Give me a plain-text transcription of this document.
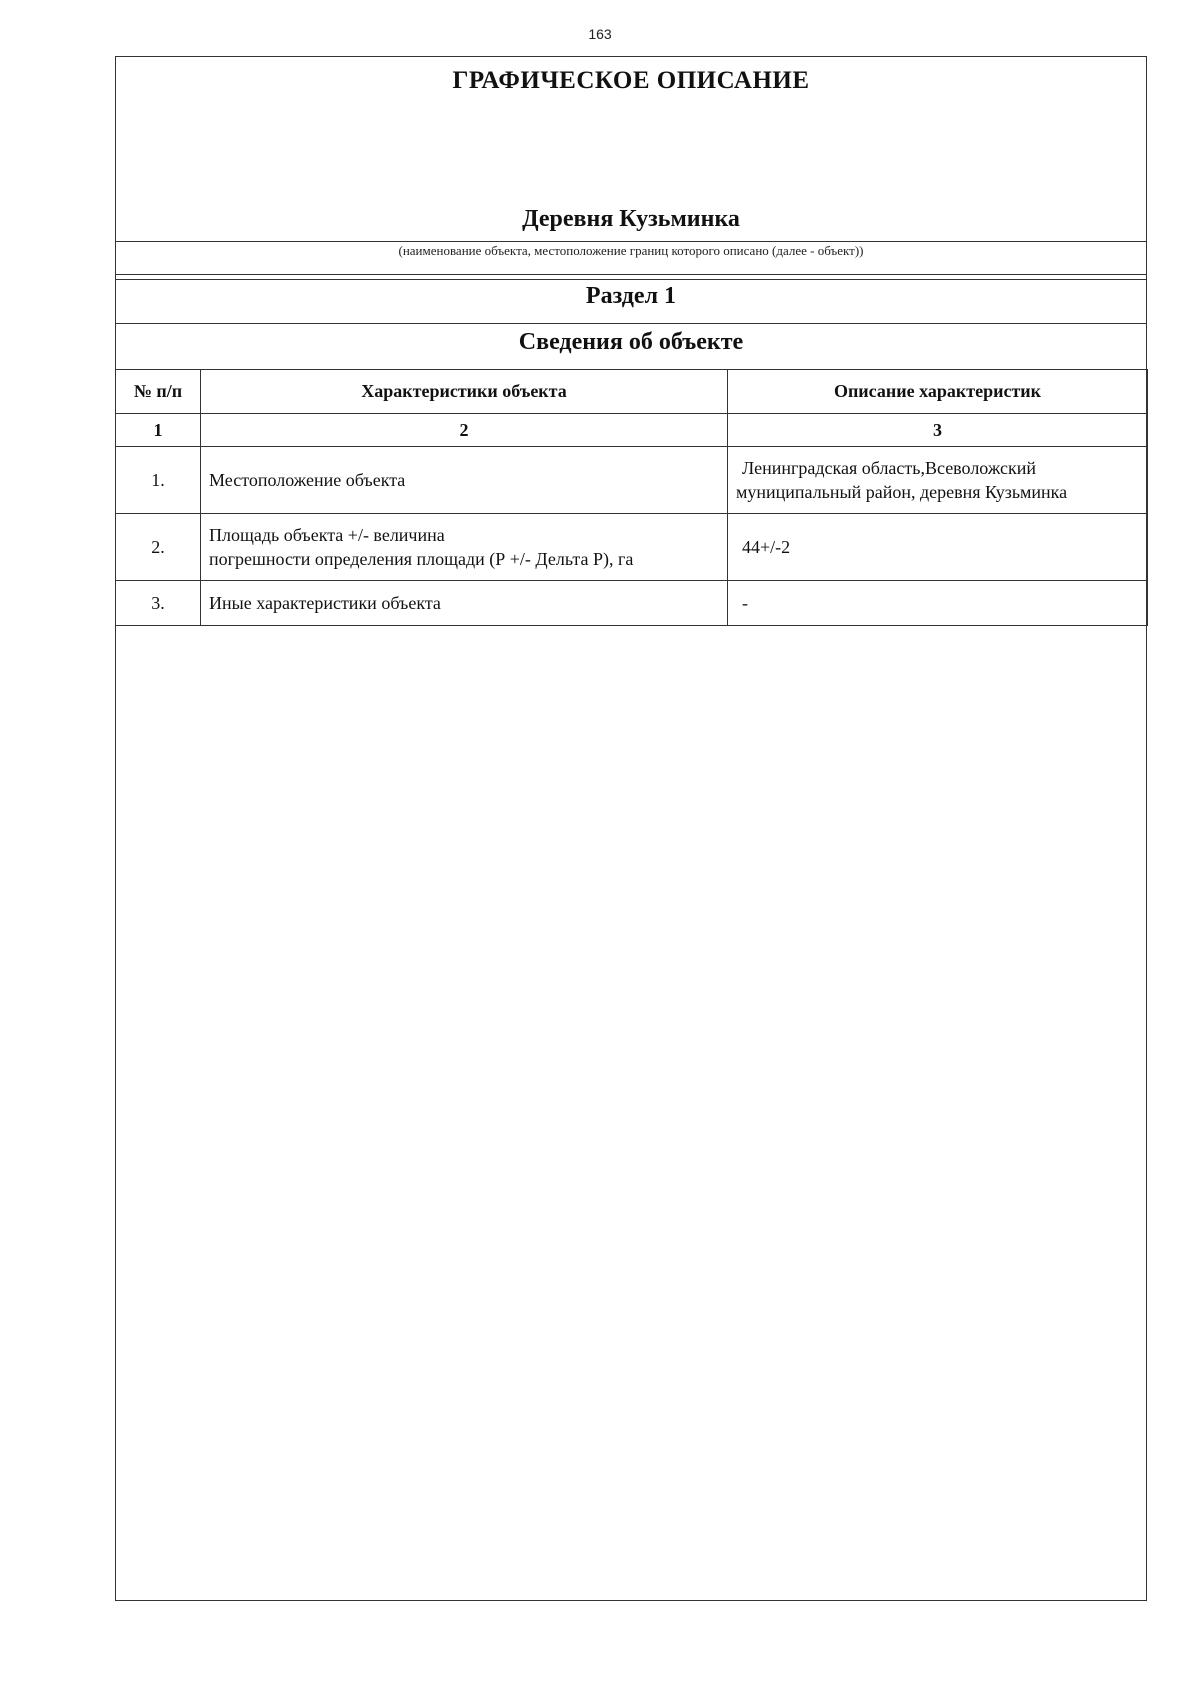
163
ГРАФИЧЕСКОЕ ОПИСАНИЕ
Деревня Кузьминка
(наименование объекта, местоположение границ которого описано (далее - объект))
Раздел 1
Сведения об объекте
№ п/п	Характеристики объекта	Описание характеристик
1	2	3
1.	Местоположение объекта	Ленинградская область,Всеволожский
муниципальный район, деревня Кузьминка

2.	Площадь объекта +/- величина
погрешности определения площади (Р +/- Дельта Р), га	44+/-2
3.	Иные характеристики объекта	-
